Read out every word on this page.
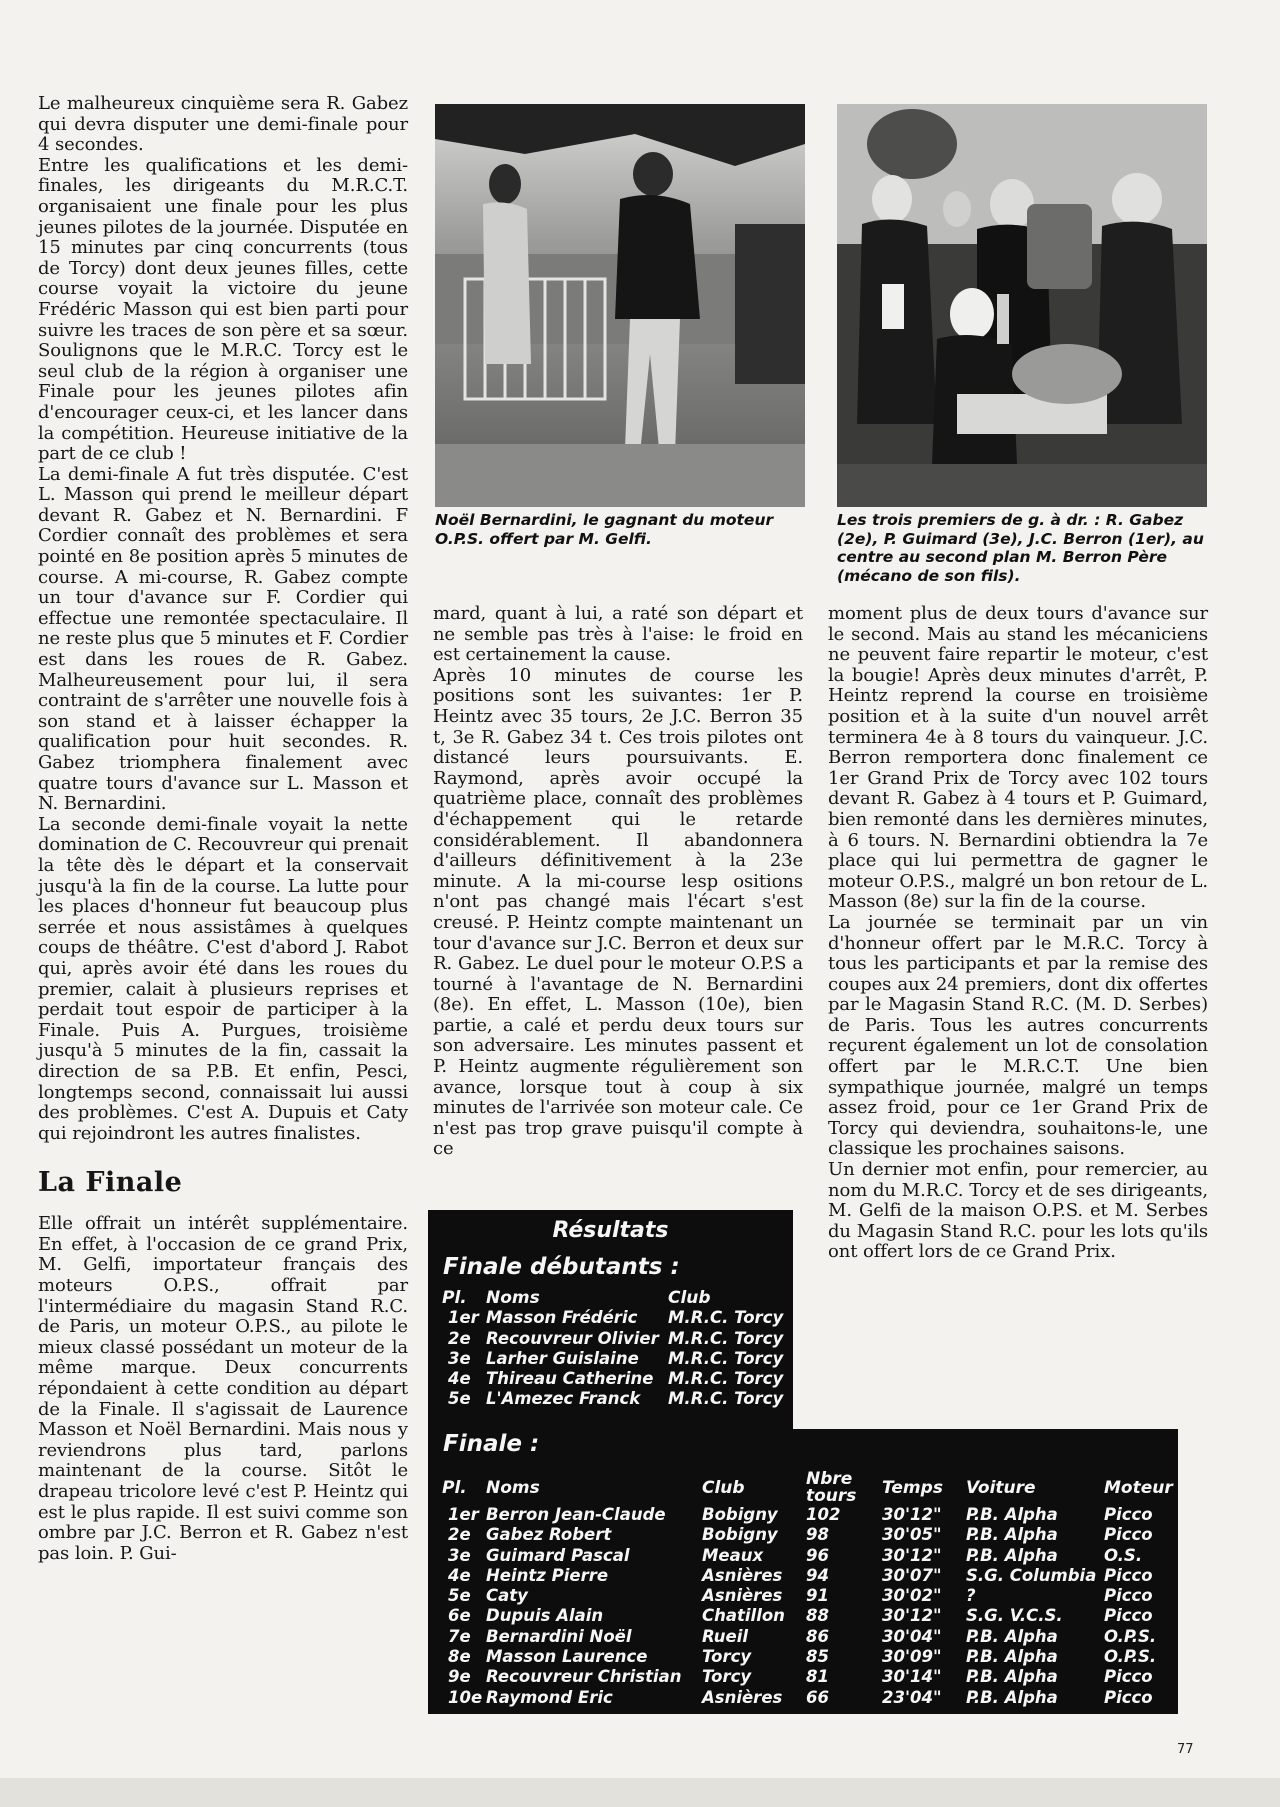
Le malheureux cinquième sera R. Gabez qui devra disputer une demi-finale pour 4 secondes.

Entre les qualifications et les demi-finales, les dirigeants du M.R.C.T. organisaient une finale pour les plus jeunes pilotes de la journée. Disputée en 15 minutes par cinq concurrents (tous de Torcy) dont deux jeunes filles, cette course voyait la victoire du jeune Frédéric Masson qui est bien parti pour suivre les traces de son père et sa sœur. Soulignons que le M.R.C. Torcy est le seul club de la région à organiser une Finale pour les jeunes pilotes afin d'encourager ceux-ci, et les lancer dans la compétition. Heureuse initiative de la part de ce club !

La demi-finale A fut très disputée. C'est L. Masson qui prend le meilleur départ devant R. Gabez et N. Bernardini. F Cordier connaît des problèmes et sera pointé en 8e position après 5 minutes de course. A mi-course, R. Gabez compte un tour d'avance sur F. Cordier qui effectue une remontée spectaculaire. Il ne reste plus que 5 minutes et F. Cordier est dans les roues de R. Gabez. Malheureusement pour lui, il sera contraint de s'arrêter une nouvelle fois à son stand et à laisser échapper la qualification pour huit secondes. R. Gabez triomphera finalement avec quatre tours d'avance sur L. Masson et N. Bernardini.

La seconde demi-finale voyait la nette domination de C. Recouvreur qui prenait la tête dès le départ et la conservait jusqu'à la fin de la course. La lutte pour les places d'honneur fut beaucoup plus serrée et nous assistâmes à quelques coups de théâtre. C'est d'abord J. Rabot qui, après avoir été dans les roues du premier, calait à plusieurs reprises et perdait tout espoir de participer à la Finale. Puis A. Purgues, troisième jusqu'à 5 minutes de la fin, cassait la direction de sa P.B. Et enfin, Pesci, longtemps second, connaissait lui aussi des problèmes. C'est A. Dupuis et Caty qui rejoindront les autres finalistes.

La Finale

Elle offrait un intérêt supplémentaire. En effet, à l'occasion de ce grand Prix, M. Gelfi, importateur français des moteurs O.P.S., offrait par l'intermédiaire du magasin Stand R.C. de Paris, un moteur O.P.S., au pilote le mieux classé possédant un moteur de la même marque. Deux concurrents répondaient à cette condition au départ de la Finale. Il s'agissait de Laurence Masson et Noël Bernardini. Mais nous y reviendrons plus tard, parlons maintenant de la course. Sitôt le drapeau tricolore levé c'est P. Heintz qui est le plus rapide. Il est suivi comme son ombre par J.C. Berron et R. Gabez n'est pas loin. P. Gui-

Noël Bernardini, le gagnant du moteur O.P.S. offert par M. Gelfi.
Les trois premiers de g. à dr. : R. Gabez (2e), P. Guimard (3e), J.C. Berron (1er), au centre au second plan M. Berron Père (mécano de son fils).

mard, quant à lui, a raté son départ et ne semble pas très à l'aise: le froid en est certainement la cause.

Après 10 minutes de course les positions sont les suivantes: 1er P. Heintz avec 35 tours, 2e J.C. Berron 35 t, 3e R. Gabez 34 t. Ces trois pilotes ont distancé leurs poursuivants. E. Raymond, après avoir occupé la quatrième place, connaît des problèmes d'échappement qui le retarde considérablement. Il abandonnera d'ailleurs définitivement à la 23e minute. A la mi-course lesp ositions n'ont pas changé mais l'écart s'est creusé. P. Heintz compte maintenant un tour d'avance sur J.C. Berron et deux sur R. Gabez. Le duel pour le moteur O.P.S a tourné à l'avantage de N. Bernardini (8e). En effet, L. Masson (10e), bien partie, a calé et perdu deux tours sur son adversaire. Les minutes passent et P. Heintz augmente régulièrement son avance, lorsque tout à coup à six minutes de l'arrivée son moteur cale. Ce n'est pas trop grave puisqu'il compte à ce

moment plus de deux tours d'avance sur le second. Mais au stand les mécaniciens ne peuvent faire repartir le moteur, c'est la bougie! Après deux minutes d'arrêt, P. Heintz reprend la course en troisième position et à la suite d'un nouvel arrêt terminera 4e à 8 tours du vainqueur. J.C. Berron remportera donc finalement ce 1er Grand Prix de Torcy avec 102 tours devant R. Gabez à 4 tours et P. Guimard, bien remonté dans les dernières minutes, à 6 tours. N. Bernardini obtiendra la 7e place qui lui permettra de gagner le moteur O.P.S., malgré un bon retour de L. Masson (8e) sur la fin de la course.

La journée se terminait par un vin d'honneur offert par le M.R.C. Torcy à tous les participants et par la remise des coupes aux 24 premiers, dont dix offertes par le Magasin Stand R.C. (M. D. Serbes) de Paris. Tous les autres concurrents reçurent également un lot de consolation offert par le M.R.C.T. Une bien sympathique journée, malgré un temps assez froid, pour ce 1er Grand Prix de Torcy qui deviendra, souhaitons-le, une classique les prochaines saisons.

Un dernier mot enfin, pour remercier, au nom du M.R.C. Torcy et de ses dirigeants, M. Gelfi de la maison O.P.S. et M. Serbes du Magasin Stand R.C. pour les lots qu'ils ont offert lors de ce Grand Prix.

Résultats
Finale débutants :
Pl.	Noms	Club
1er	Masson Frédéric	M.R.C. Torcy
2e	Recouvreur Olivier	M.R.C. Torcy
3e	Larher Guislaine	M.R.C. Torcy
4e	Thireau Catherine	M.R.C. Torcy
5e	L'Amezec Franck	M.R.C. Torcy
Finale :
Pl.	Noms	Club	Nbre tours	Temps	Voiture	Moteur
1er	Berron Jean-Claude	Bobigny	102	30'12"	P.B. Alpha	Picco
2e	Gabez Robert	Bobigny	98	30'05"	P.B. Alpha	Picco
3e	Guimard Pascal	Meaux	96	30'12"	P.B. Alpha	O.S.
4e	Heintz Pierre	Asnières	94	30'07"	S.G. Columbia	Picco
5e	Caty	Asnières	91	30'02"	?	Picco
6e	Dupuis Alain	Chatillon	88	30'12"	S.G. V.C.S.	Picco
7e	Bernardini Noël	Rueil	86	30'04"	P.B. Alpha	O.P.S.
8e	Masson Laurence	Torcy	85	30'09"	P.B. Alpha	O.P.S.
9e	Recouvreur Christian	Torcy	81	30'14"	P.B. Alpha	Picco
10e	Raymond Eric	Asnières	66	23'04"	P.B. Alpha	Picco
77
